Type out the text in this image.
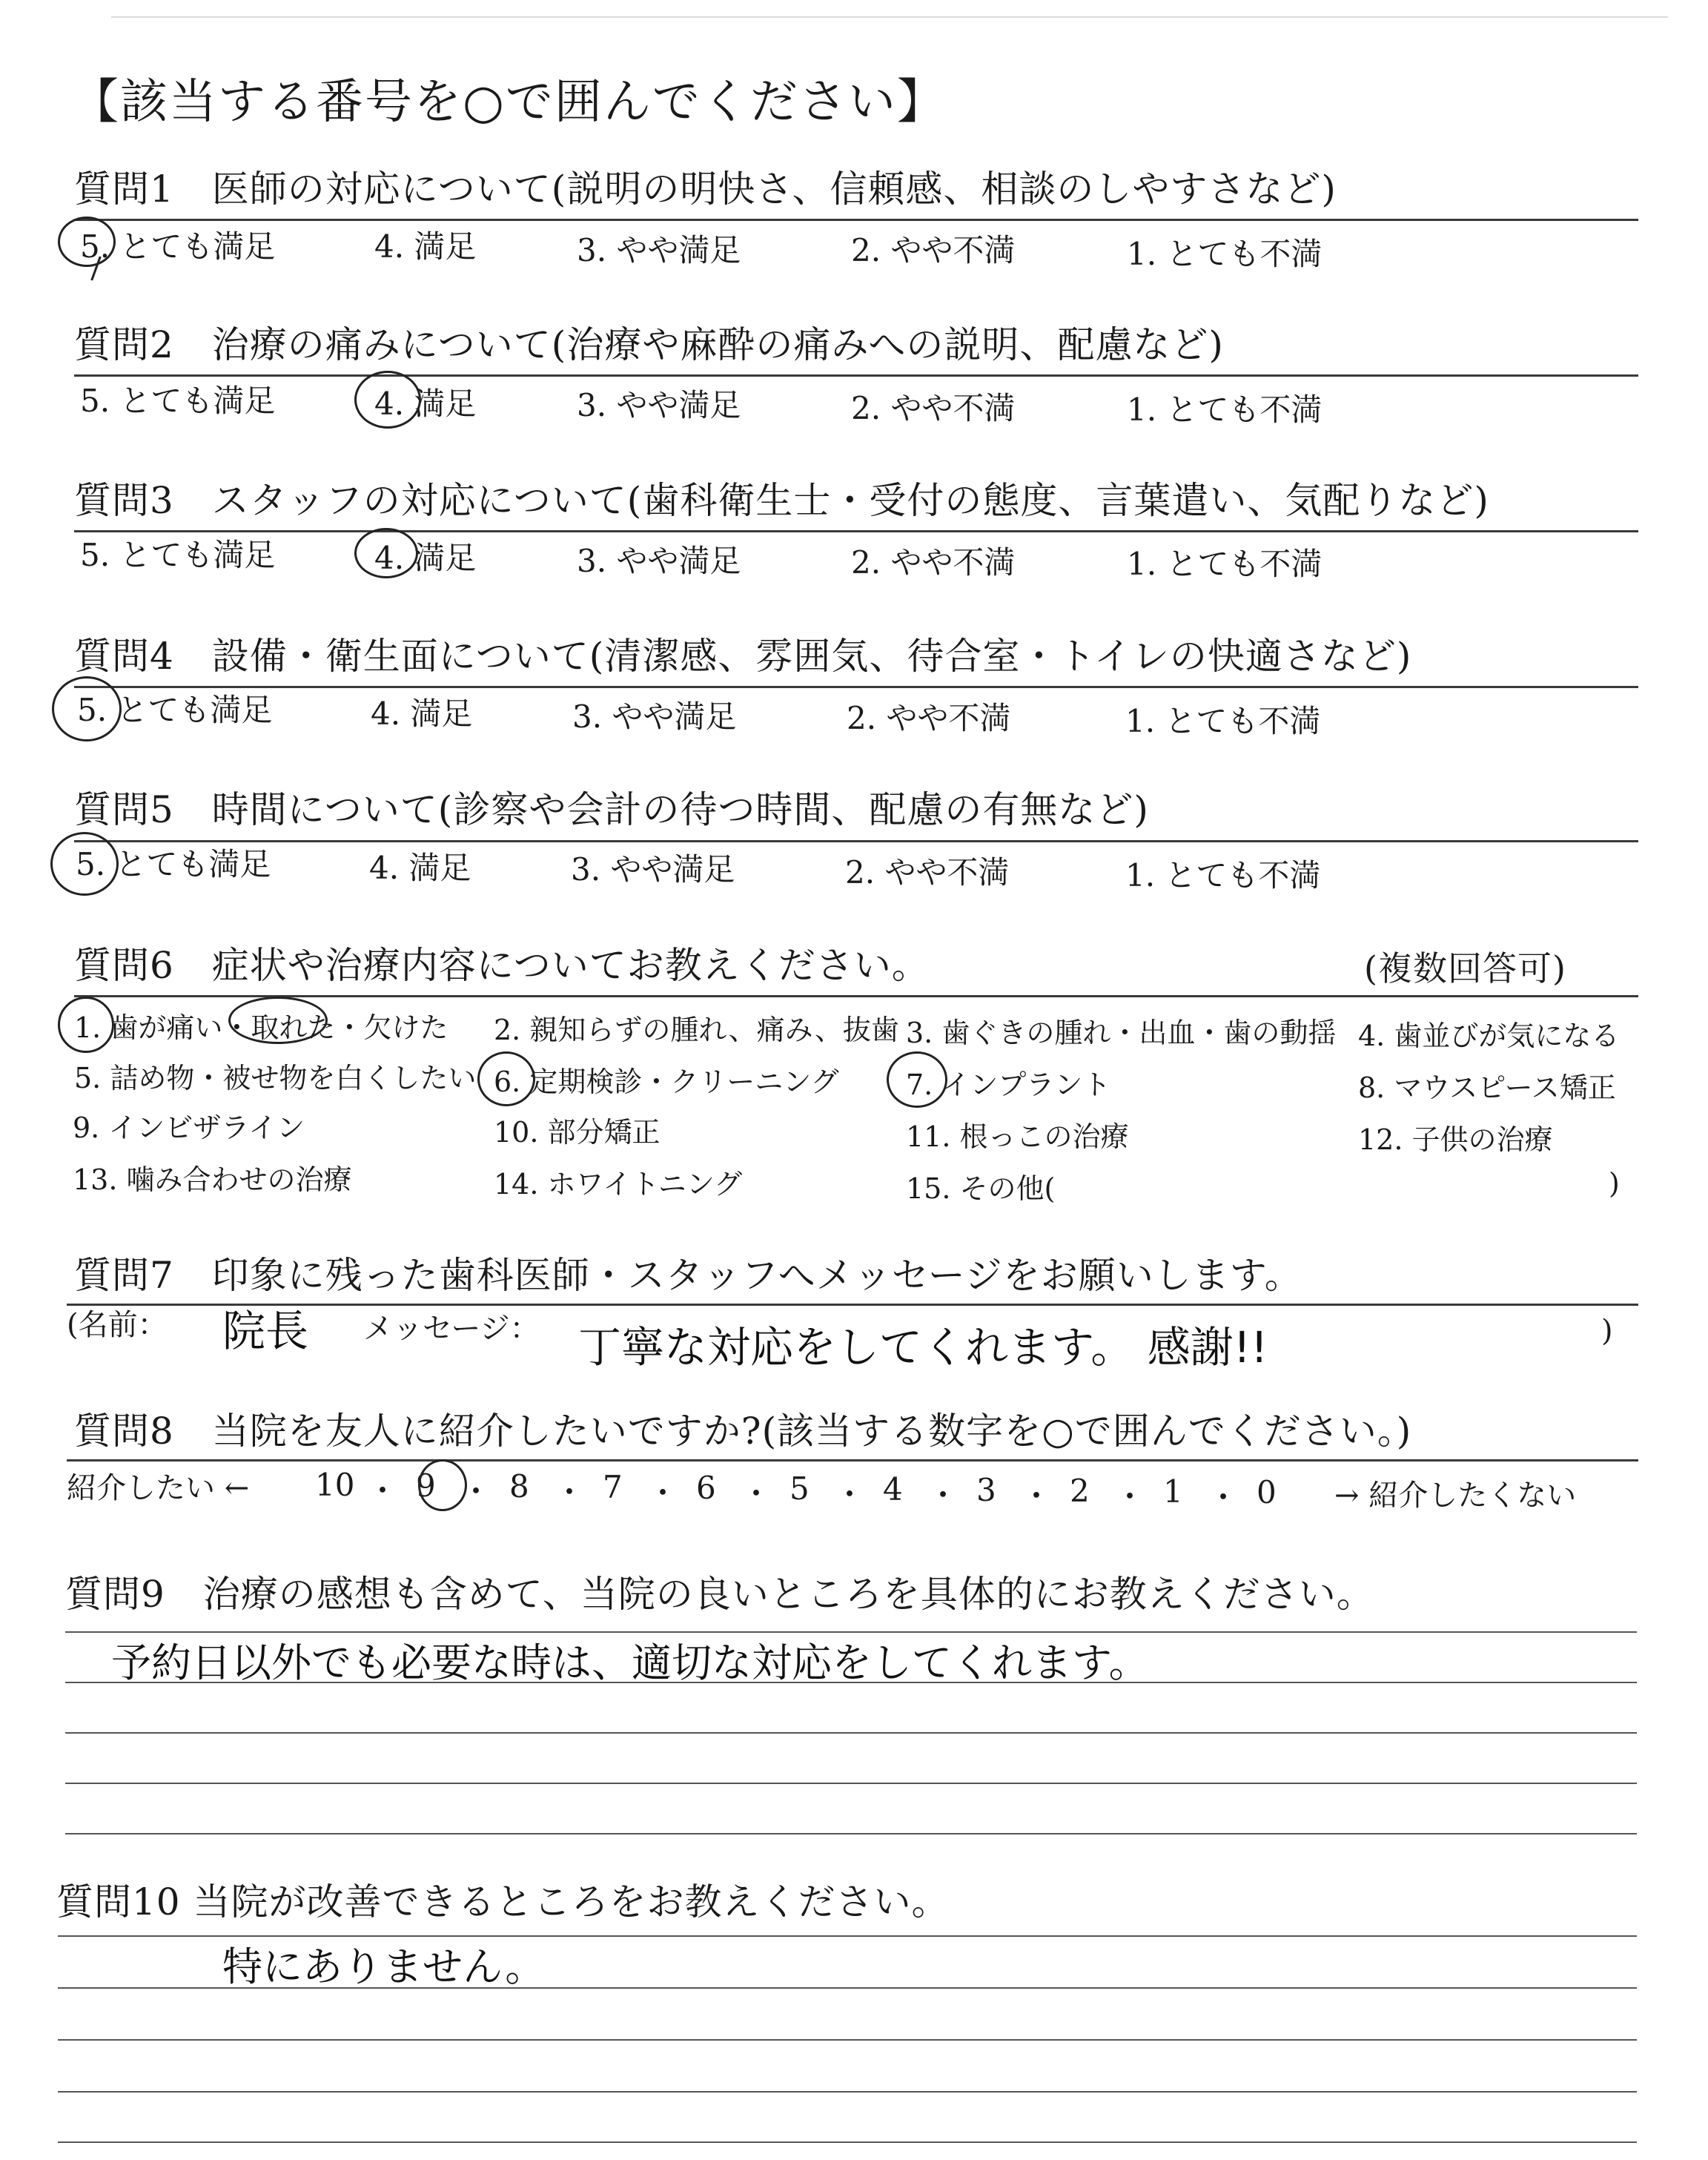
【該当する番号を○で囲んでください】
質問1　医師の対応について(説明の明快さ、信頼感、相談のしやすさなど)
5. とても満足	4. 満足	3. やや満足	2. やや不満	1. とても不満
質問2　治療の痛みについて(治療や麻酔の痛みへの説明、配慮など)
5. とても満足	4. 満足	3. やや満足	2. やや不満	1. とても不満
質問3　スタッフの対応について(歯科衛生士・受付の態度、言葉遣い、気配りなど)
5. とても満足	4. 満足	3. やや満足	2. やや不満	1. とても不満
質問4　設備・衛生面について(清潔感、雰囲気、待合室・トイレの快適さなど)
5. とても満足	4. 満足	3. やや満足	2. やや不満	1. とても不満
質問5　時間について(診察や会計の待つ時間、配慮の有無など)
5. とても満足	4. 満足	3. やや満足	2. やや不満	1. とても不満
質問6　症状や治療内容についてお教えください。	(複数回答可)
1. 歯が痛い・取れた・欠けた 2. 親知らずの腫れ、痛み、抜歯 3. 歯ぐきの腫れ・出血・歯の動揺 4. 歯並びが気になる
5. 詰め物・被せ物を白くしたい 6. 定期検診・クリーニング 7. インプラント	8. マウスピース矯正
9. インビザライン	10. 部分矯正	11. 根っこの治療	12. 子供の治療
13. 噛み合わせの治療	14. ホワイトニング	15. その他(	)
質問7　印象に残った歯科医師・スタッフへメッセージをお願いします。
(名前： 院長 メッセージ： 丁寧な対応をしてくれます。 感謝!!	)
質問8　当院を友人に紹介したいですか?(該当する数字を○で囲んでください。)
紹介したい ←	→ 紹介したくない
10 ・ 9 ・ 8 ・ 7 ・ 6 ・ 5 ・ 4 ・ 3 ・ 2 ・ 1 ・ 0
質問9　治療の感想も含めて、当院の良いところを具体的にお教えください。
予約日以外でも必要な時は、適切な対応をしてくれます。
質問10 当院が改善できるところをお教えください。
特にありません。
